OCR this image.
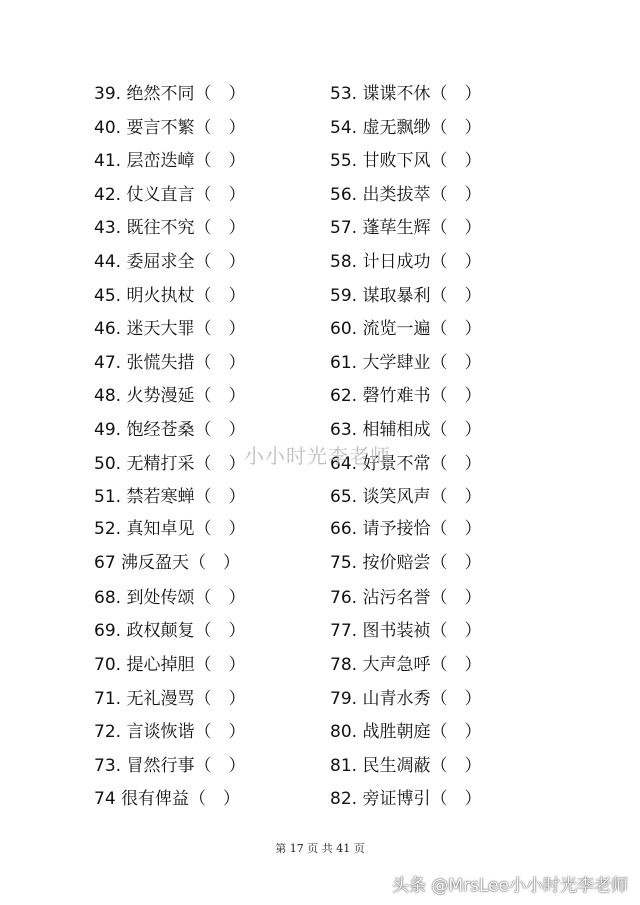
39. 绝然不同（　）
40. 要言不繁（　）
41. 层峦迭嶂（　）
42. 仗义直言（　）
43. 既往不究（　）
44. 委屈求全（　）
45. 明火执杖（　）
46. 迷天大罪（　）
47. 张慌失措（　）
48. 火势漫延（　）
49. 饱经苍桑（　）
50. 无精打采（　）
51. 禁若寒蝉（　）
52. 真知卓见（　）
67 沸反盈天（　）
68. 到处传颂（　）
69. 政权颠复（　）
70. 提心掉胆（　）
71. 无礼漫骂（　）
72. 言谈恢谐（　）
73. 冒然行事（　）
74 很有俾益（　）
53. 谍谍不休（　）
54. 虚无飘缈（　）
55. 甘败下风（　）
56. 出类拔萃（　）
57. 蓬荜生辉（　）
58. 计日成功（　）
59. 谋取暴利（　）
60. 流览一遍（　）
61. 大学肆业（　）
62. 磬竹难书（　）
63. 相辅相成（　）
64. 好景不常（　）
65. 谈笑风声（　）
66. 请予接恰（　）
75. 按价赔尝（　）
76. 沾污名誉（　）
77. 图书装祯（　）
78. 大声急呼（　）
79. 山青水秀（　）
80. 战胜朝庭（　）
81. 民生凋蔽（　）
82. 旁证博引（　）
小小时光李老师
第 17 页 共 41 页
头条 @MrsLee小小时光李老师
